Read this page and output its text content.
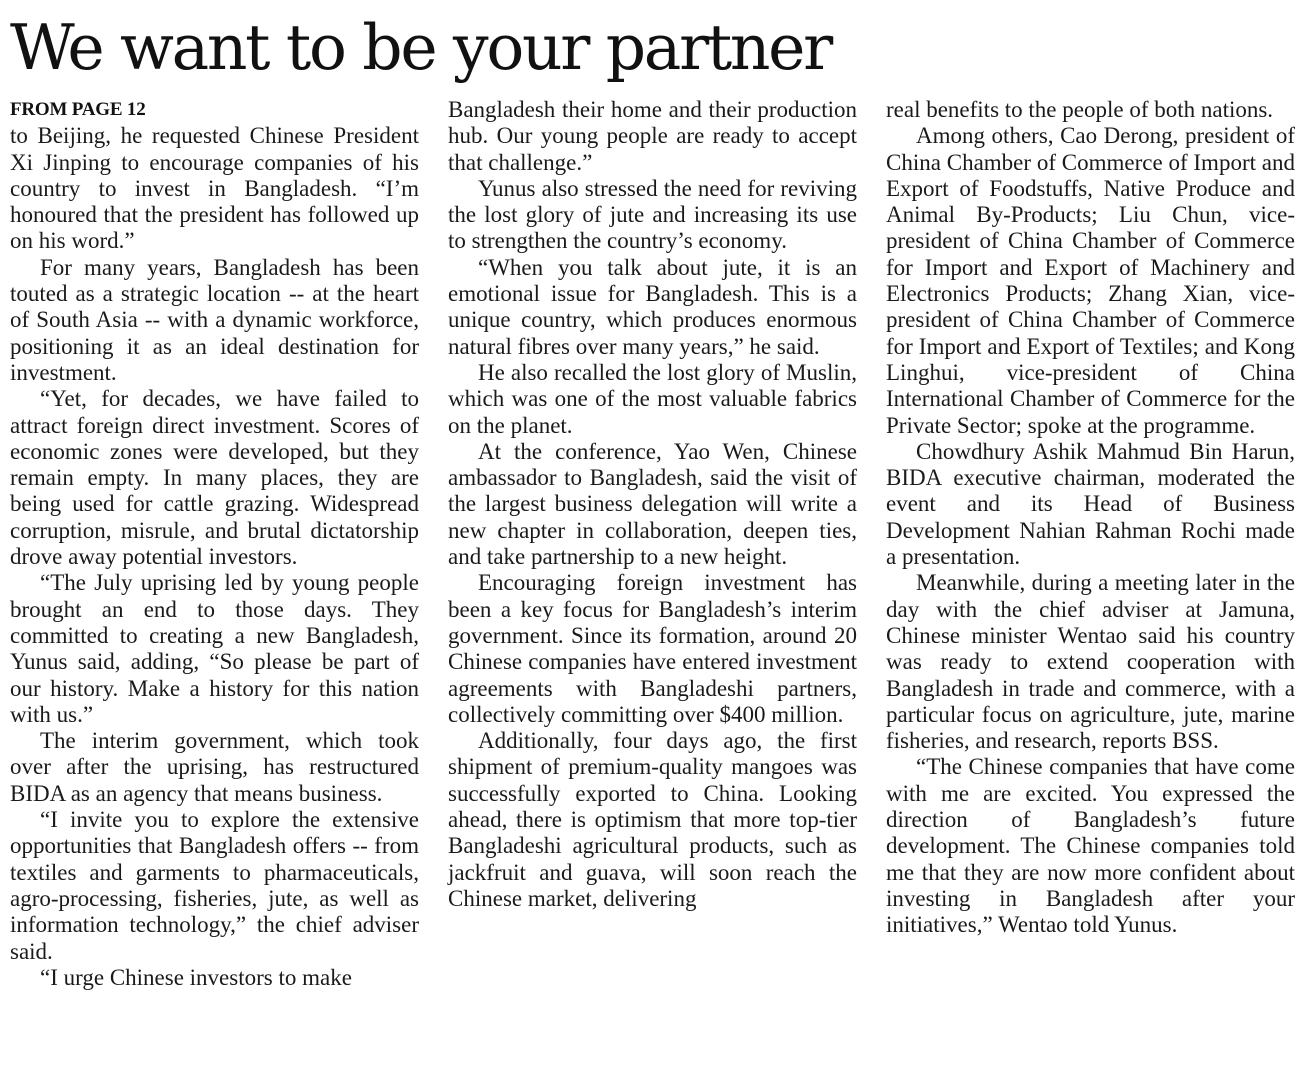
We want to be your partner
FROM PAGE 12

to Beijing, he requested Chinese President Xi Jinping to encourage companies of his country to invest in Bangladesh. “I’m honoured that the president has followed up on his word.”

For many years, Bangladesh has been touted as a strategic location -- at the heart of South Asia -- with a dynamic workforce, positioning it as an ideal destination for investment.

“Yet, for decades, we have failed to attract foreign direct investment. Scores of economic zones were developed, but they remain empty. In many places, they are being used for cattle grazing. Widespread corruption, misrule, and brutal dictatorship drove away potential investors.

“The July uprising led by young people brought an end to those days. They committed to creating a new Bangladesh, Yunus said, adding, “So please be part of our history. Make a history for this nation with us.”

The interim government, which took over after the uprising, has restructured BIDA as an agency that means business.

“I invite you to explore the extensive opportunities that Bangladesh offers -- from textiles and garments to pharmaceuticals, agro-processing, fisheries, jute, as well as information technology,” the chief adviser said.

“I urge Chinese investors to make

Bangladesh their home and their production hub. Our young people are ready to accept that challenge.”

Yunus also stressed the need for reviving the lost glory of jute and increasing its use to strengthen the country’s economy.

“When you talk about jute, it is an emotional issue for Bangladesh. This is a unique country, which produces enormous natural fibres over many years,” he said.

He also recalled the lost glory of Muslin, which was one of the most valuable fabrics on the planet.

At the conference, Yao Wen, Chinese ambassador to Bangladesh, said the visit of the largest business delegation will write a new chapter in collaboration, deepen ties, and take partnership to a new height.

Encouraging foreign investment has been a key focus for Bangladesh’s interim government. Since its formation, around 20 Chinese companies have entered investment agreements with Bangladeshi partners, collectively committing over $400 million.

Additionally, four days ago, the first shipment of premium-quality mangoes was successfully exported to China. Looking ahead, there is optimism that more top-tier Bangladeshi agricultural products, such as jackfruit and guava, will soon reach the Chinese market, delivering

real benefits to the people of both nations.

Among others, Cao Derong, president of China Chamber of Commerce of Import and Export of Foodstuffs, Native Produce and Animal By-Products; Liu Chun, vice-president of China Chamber of Commerce for Import and Export of Machinery and Electronics Products; Zhang Xian, vice-president of China Chamber of Commerce for Import and Export of Textiles; and Kong Linghui, vice-president of China International Chamber of Commerce for the Private Sector; spoke at the programme.

Chowdhury Ashik Mahmud Bin Harun, BIDA executive chairman, moderated the event and its Head of Business Development Nahian Rahman Rochi made a presentation.

Meanwhile, during a meeting later in the day with the chief adviser at Jamuna, Chinese minister Wentao said his country was ready to extend cooperation with Bangladesh in trade and commerce, with a particular focus on agriculture, jute, marine fisheries, and research, reports BSS.

“The Chinese companies that have come with me are excited. You expressed the direction of Bangladesh’s future development. The Chinese companies told me that they are now more confident about investing in Bangladesh after your initiatives,” Wentao told Yunus.
